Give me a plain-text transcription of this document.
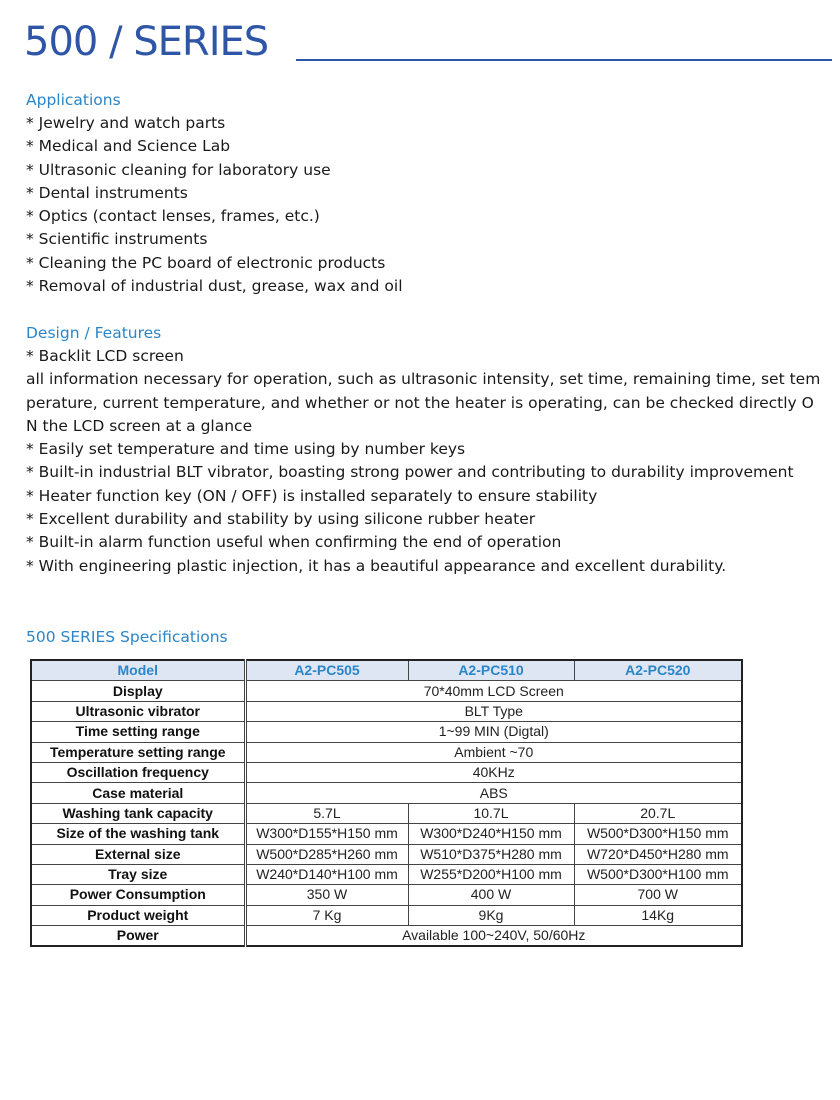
500 / SERIES
Applications

* Jewelry and watch parts

* Medical and Science Lab

* Ultrasonic cleaning for laboratory use

* Dental instruments

* Optics (contact lenses, frames, etc.)

* Scientific instruments

* Cleaning the PC board of electronic products

* Removal of industrial dust, grease, wax and oil

Design / Features

* Backlit LCD screen

all information necessary for operation, such as ultrasonic intensity, set time, remaining time, set temperature, current temperature, and whether or not the heater is operating, can be checked directly ON the LCD screen at a glance

* Easily set temperature and time using by number keys

* Built-in industrial BLT vibrator, boasting strong power and contributing to durability improvement

* Heater function key (ON / OFF) is installed separately to ensure stability

* Excellent durability and stability by using silicone rubber heater

* Built-in alarm function useful when confirming the end of operation

* With engineering plastic injection, it has a beautiful appearance and excellent durability.

500 SERIES Specifications
Model	A2-PC505	A2-PC510	A2-PC520
Display	70*40mm LCD Screen		
Ultrasonic vibrator	BLT Type		
Time setting range	1~99 MIN (Digtal)		
Temperature setting range	Ambient ~70		
Oscillation frequency	40KHz		
Case material	ABS		
Washing tank capacity	5.7L	10.7L	20.7L
Size of the washing tank	W300*D155*H150 mm	W300*D240*H150 mm	W500*D300*H150 mm
External size	W500*D285*H260 mm	W510*D375*H280 mm	W720*D450*H280 mm
Tray size	W240*D140*H100 mm	W255*D200*H100 mm	W500*D300*H100 mm
Power Consumption	350 W	400 W	700 W
Product weight	7 Kg	9Kg	14Kg
Power	Available 100~240V, 50/60Hz		
